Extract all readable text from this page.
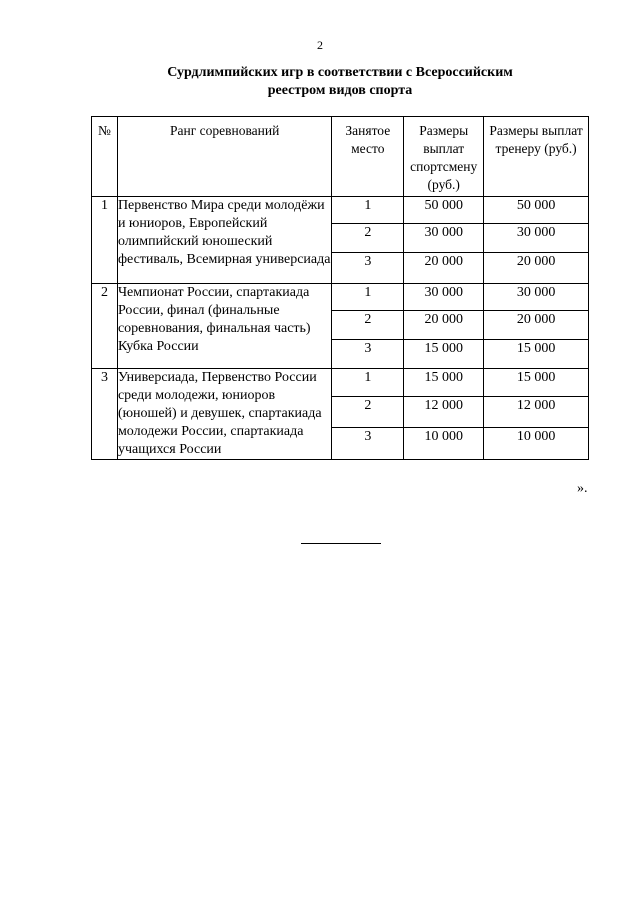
2
Сурдлимпийских игр в соответствии с Всероссийским
реестром видов спорта
№	Ранг соревнований	Занятое место	Размеры выплат спортсмену (руб.)	Размеры выплат тренеру (руб.)
1	Первенство Мира среди молодёжи и юниоров, Европейский олимпийский юношеский фестиваль, Всемирная универсиада	1	50 000	50 000
		2	30 000	30 000
		3	20 000	20 000
2	Чемпионат России, спартакиада России, финал (финальные соревнования, финальная часть) Кубка России	1	30 000	30 000
		2	20 000	20 000
		3	15 000	15 000
3	Универсиада, Первенство России среди молодежи, юниоров (юношей) и девушек, спартакиада молодежи России, спартакиада учащихся России	1	15 000	15 000
		2	12 000	12 000
		3	10 000	10 000
».
